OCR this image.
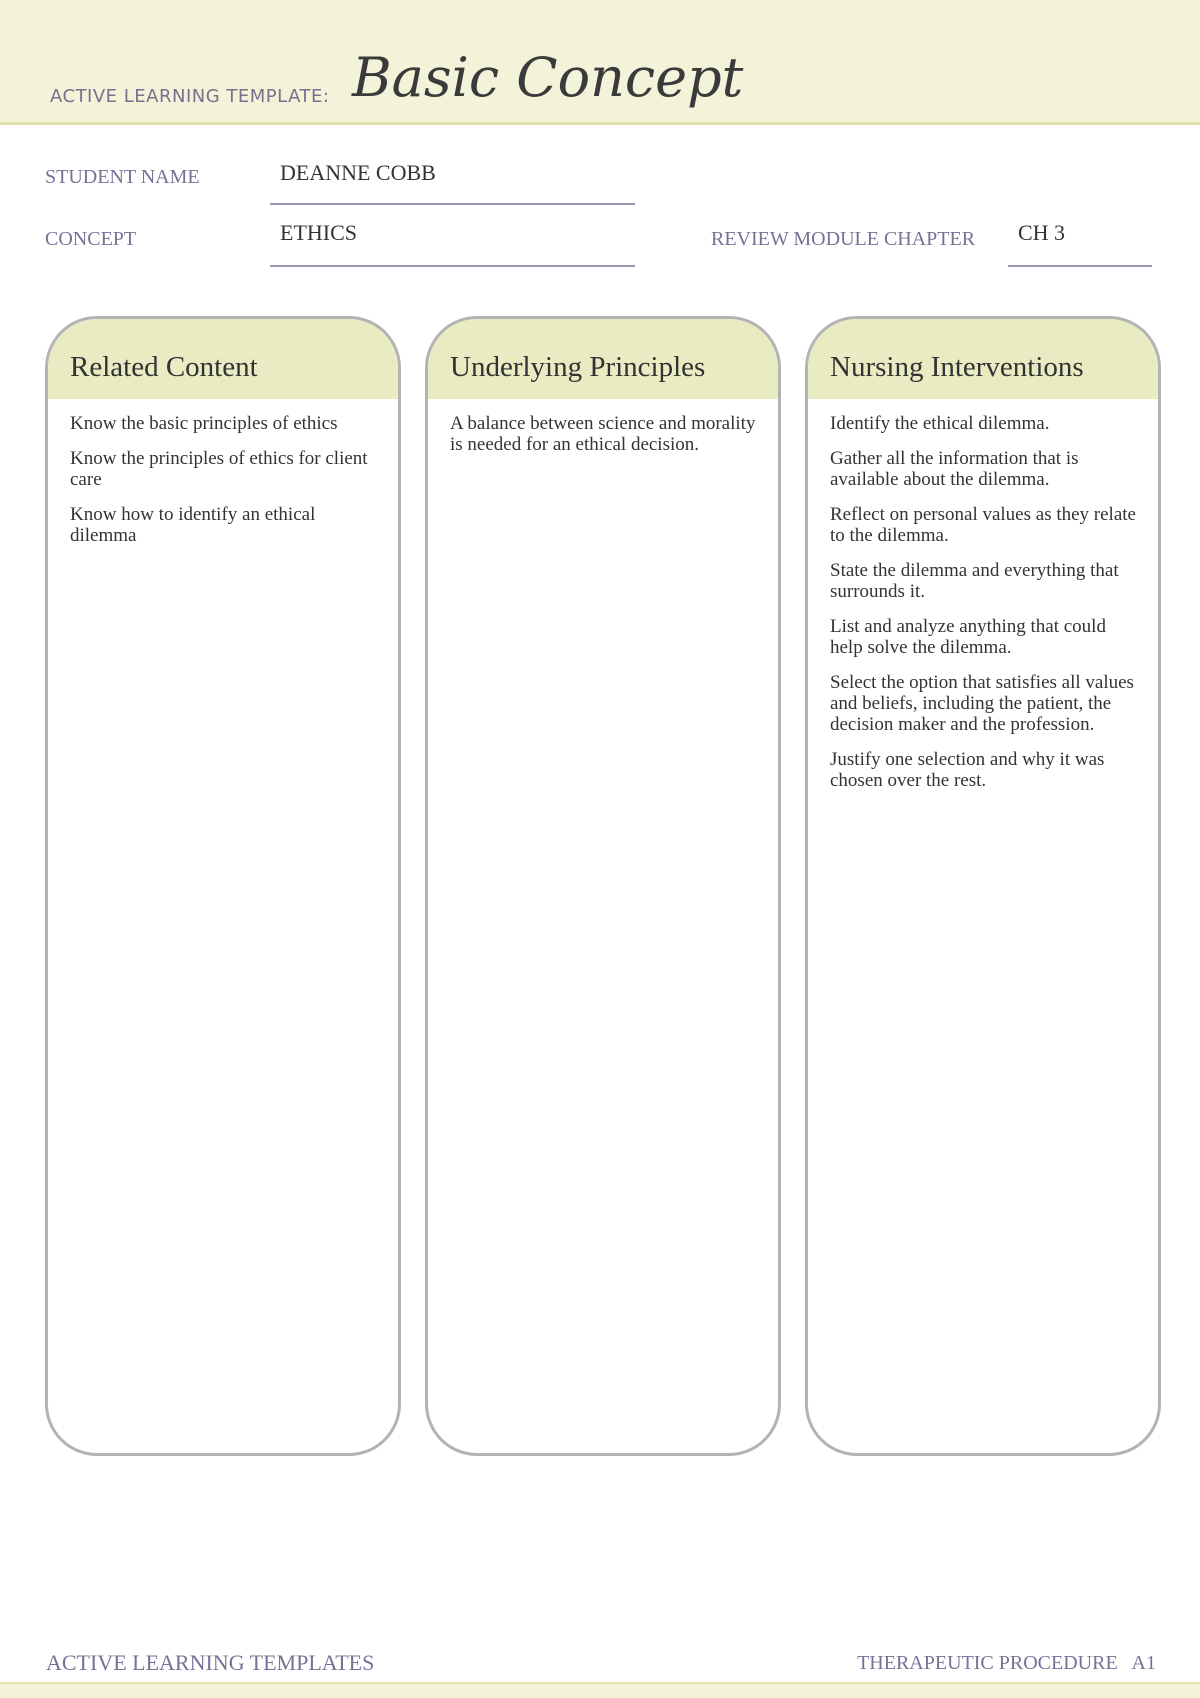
ACTIVE LEARNING TEMPLATE: Basic Concept
STUDENT NAME	DEANNE COBB
CONCEPT	ETHICS	REVIEW MODULE CHAPTER CH 3
Related Content

Know the basic principles of ethics

Know the principles of ethics for client care

Know how to identify an ethical dilemma

Underlying Principles

A balance between science and morality is needed for an ethical decision.

Nursing Interventions

Identify the ethical dilemma.

Gather all the information that is available about the dilemma.

Reflect on personal values as they relate to the dilemma.

State the dilemma and everything that surrounds it.

List and analyze anything that could help solve the dilemma.

Select the option that satisfies all values and beliefs, including the patient, the decision maker and the profession.

Justify one selection and why it was chosen over the rest.

ACTIVE LEARNING TEMPLATES	THERAPEUTIC PROCEDURE   A1
